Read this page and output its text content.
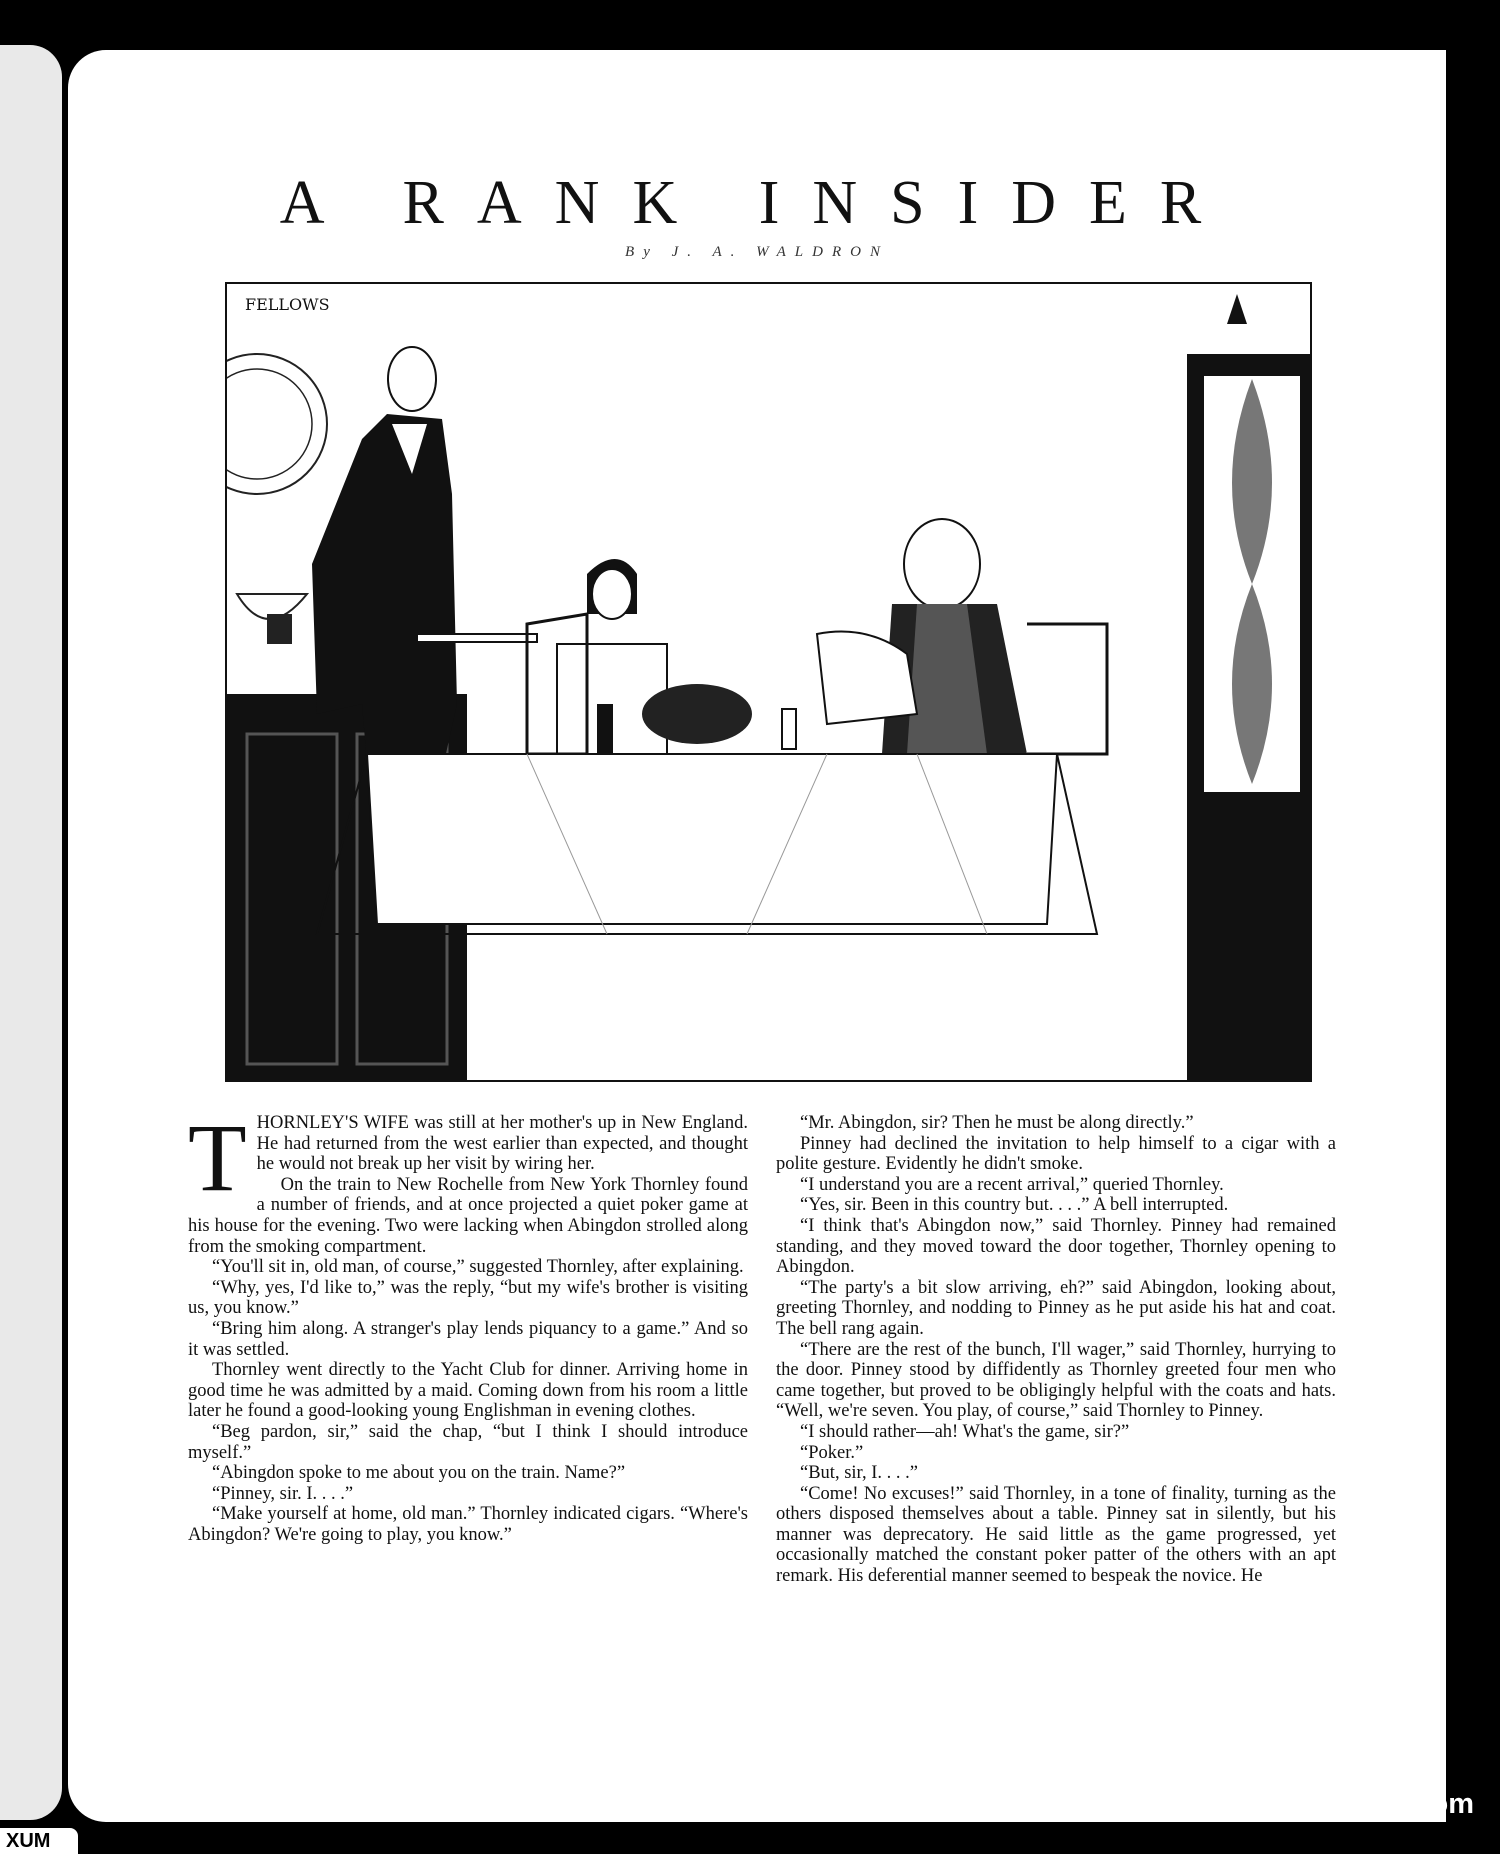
A RANK INSIDER
By J. A. WALDRON
FELLOWS

THORNLEY'S WIFE was still at her mother's up in New England. He had returned from the west earlier than expected, and thought he would not break up her visit by wiring her.

On the train to New Rochelle from New York Thornley found a number of friends, and at once projected a quiet poker game at his house for the evening. Two were lacking when Abingdon strolled along from the smoking compartment.

“You'll sit in, old man, of course,” suggested Thornley, after explaining.

“Why, yes, I'd like to,” was the reply, “but my wife's brother is visiting us, you know.”

“Bring him along. A stranger's play lends piquancy to a game.” And so it was settled.

Thornley went directly to the Yacht Club for dinner. Arriving home in good time he was admitted by a maid. Coming down from his room a little later he found a good-looking young Englishman in evening clothes.

“Beg pardon, sir,” said the chap, “but I think I should introduce myself.”

“Abingdon spoke to me about you on the train. Name?”

“Pinney, sir. I. . . .”

“Make yourself at home, old man.” Thornley indicated cigars. “Where's Abingdon? We're going to play, you know.”

“Mr. Abingdon, sir? Then he must be along directly.”

Pinney had declined the invitation to help himself to a cigar with a polite gesture. Evidently he didn't smoke.

“I understand you are a recent arrival,” queried Thornley.

“Yes, sir. Been in this country but. . . .” A bell interrupted.

“I think that's Abingdon now,” said Thornley. Pinney had remained standing, and they moved toward the door together, Thornley opening to Abingdon.

“The party's a bit slow arriving, eh?” said Abingdon, looking about, greeting Thornley, and nodding to Pinney as he put aside his hat and coat. The bell rang again.

“There are the rest of the bunch, I'll wager,” said Thornley, hurrying to the door. Pinney stood by diffidently as Thornley greeted four men who came together, but proved to be obligingly helpful with the coats and hats. “Well, we're seven. You play, of course,” said Thornley to Pinney.

“I should rather—ah! What's the game, sir?”

“Poker.”

“But, sir, I. . . .”

“Come! No excuses!” said Thornley, in a tone of finality, turning as the others disposed themselves about a table. Pinney sat in silently, but his manner was deprecatory. He said little as the game progressed, yet occasionally matched the constant poker patter of the others with an apt remark. His deferential manner seemed to bespeak the novice. He

comicbooks.com
XUM
